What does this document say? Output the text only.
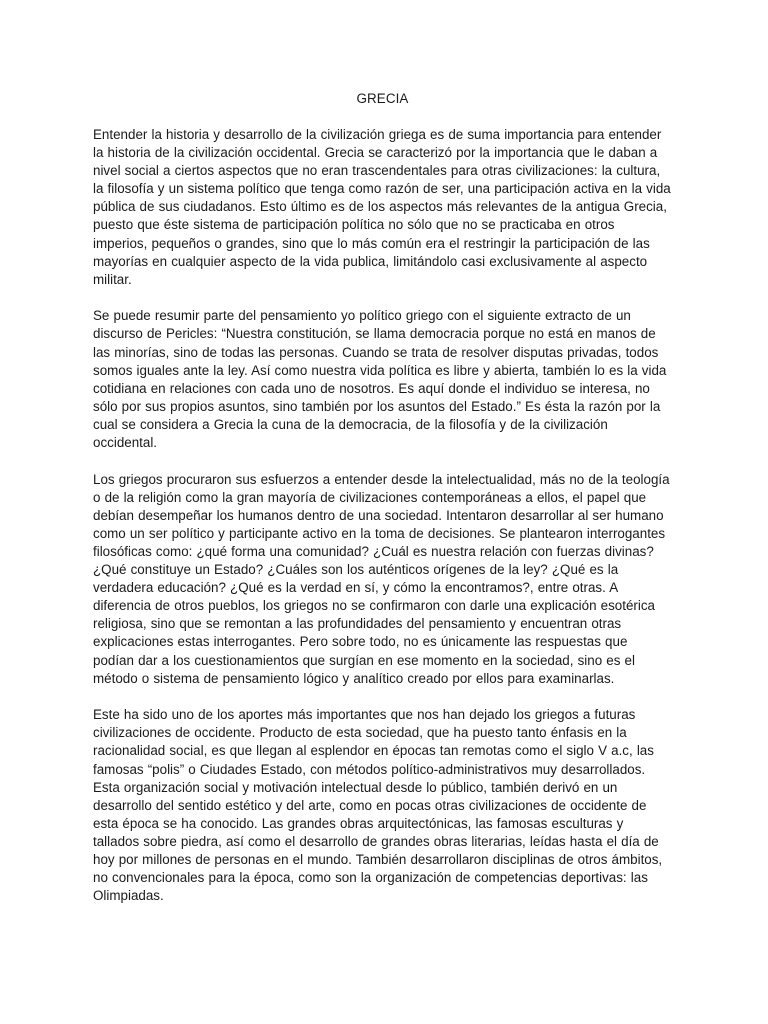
GRECIA

Entender la historia y desarrollo de la civilización griega es de suma importancia para entender la historia de la civilización occidental. Grecia se caracterizó por la importancia que le daban a nivel social a ciertos aspectos que no eran trascendentales para otras civilizaciones: la cultura, la filosofía y un sistema político que tenga como razón de ser, una participación activa en la vida pública de sus ciudadanos. Esto último es de los aspectos más relevantes de la antigua Grecia, puesto que éste sistema de participación política no sólo que no se practicaba en otros imperios, pequeños o grandes, sino que lo más común era el restringir la participación de las mayorías en cualquier aspecto de la vida publica, limitándolo casi exclusivamente al aspecto militar.

Se puede resumir parte del pensamiento yo político griego con el siguiente extracto de un discurso de Pericles: “Nuestra constitución, se llama democracia porque no está en manos de las minorías, sino de todas las personas. Cuando se trata de resolver disputas privadas, todos somos iguales ante la ley. Así como nuestra vida política es libre y abierta, también lo es la vida cotidiana en relaciones con cada uno de nosotros. Es aquí donde el individuo se interesa, no sólo por sus propios asuntos, sino también por los asuntos del Estado.” Es ésta la razón por la cual se considera a Grecia la cuna de la democracia, de la filosofía y de la civilización occidental.

Los griegos procuraron sus esfuerzos a entender desde la intelectualidad, más no de la teología o de la religión como la gran mayoría de civilizaciones contemporáneas a ellos, el papel que debían desempeñar los humanos dentro de una sociedad. Intentaron desarrollar al ser humano como un ser político y participante activo en la toma de decisiones. Se plantearon interrogantes filosóficas como: ¿qué forma una comunidad? ¿Cuál es nuestra relación con fuerzas divinas? ¿Qué constituye un Estado? ¿Cuáles son los auténticos orígenes de la ley? ¿Qué es la verdadera educación? ¿Qué es la verdad en sí, y cómo la encontramos?, entre otras. A diferencia de otros pueblos, los griegos no se confirmaron con darle una explicación esotérica religiosa, sino que se remontan a las profundidades del pensamiento y encuentran otras explicaciones estas interrogantes. Pero sobre todo, no es únicamente las respuestas que podían dar a los cuestionamientos que surgían en ese momento en la sociedad, sino es el método o sistema de pensamiento lógico y analítico creado por ellos para examinarlas.

Este ha sido uno de los aportes más importantes que nos han dejado los griegos a futuras civilizaciones de occidente. Producto de esta sociedad, que ha puesto tanto énfasis en la racionalidad social, es que llegan al esplendor en épocas tan remotas como el siglo V a.c, las famosas “polis” o Ciudades Estado, con métodos político-administrativos muy desarrollados. Esta organización social y motivación intelectual desde lo público, también derivó en un desarrollo del sentido estético y del arte, como en pocas otras civilizaciones de occidente de esta época se ha conocido. Las grandes obras arquitectónicas, las famosas esculturas y tallados sobre piedra, así como el desarrollo de grandes obras literarias, leídas hasta el día de hoy por millones de personas en el mundo. También desarrollaron disciplinas de otros ámbitos, no convencionales para la época, como son la organización de competencias deportivas: las Olimpiadas.
